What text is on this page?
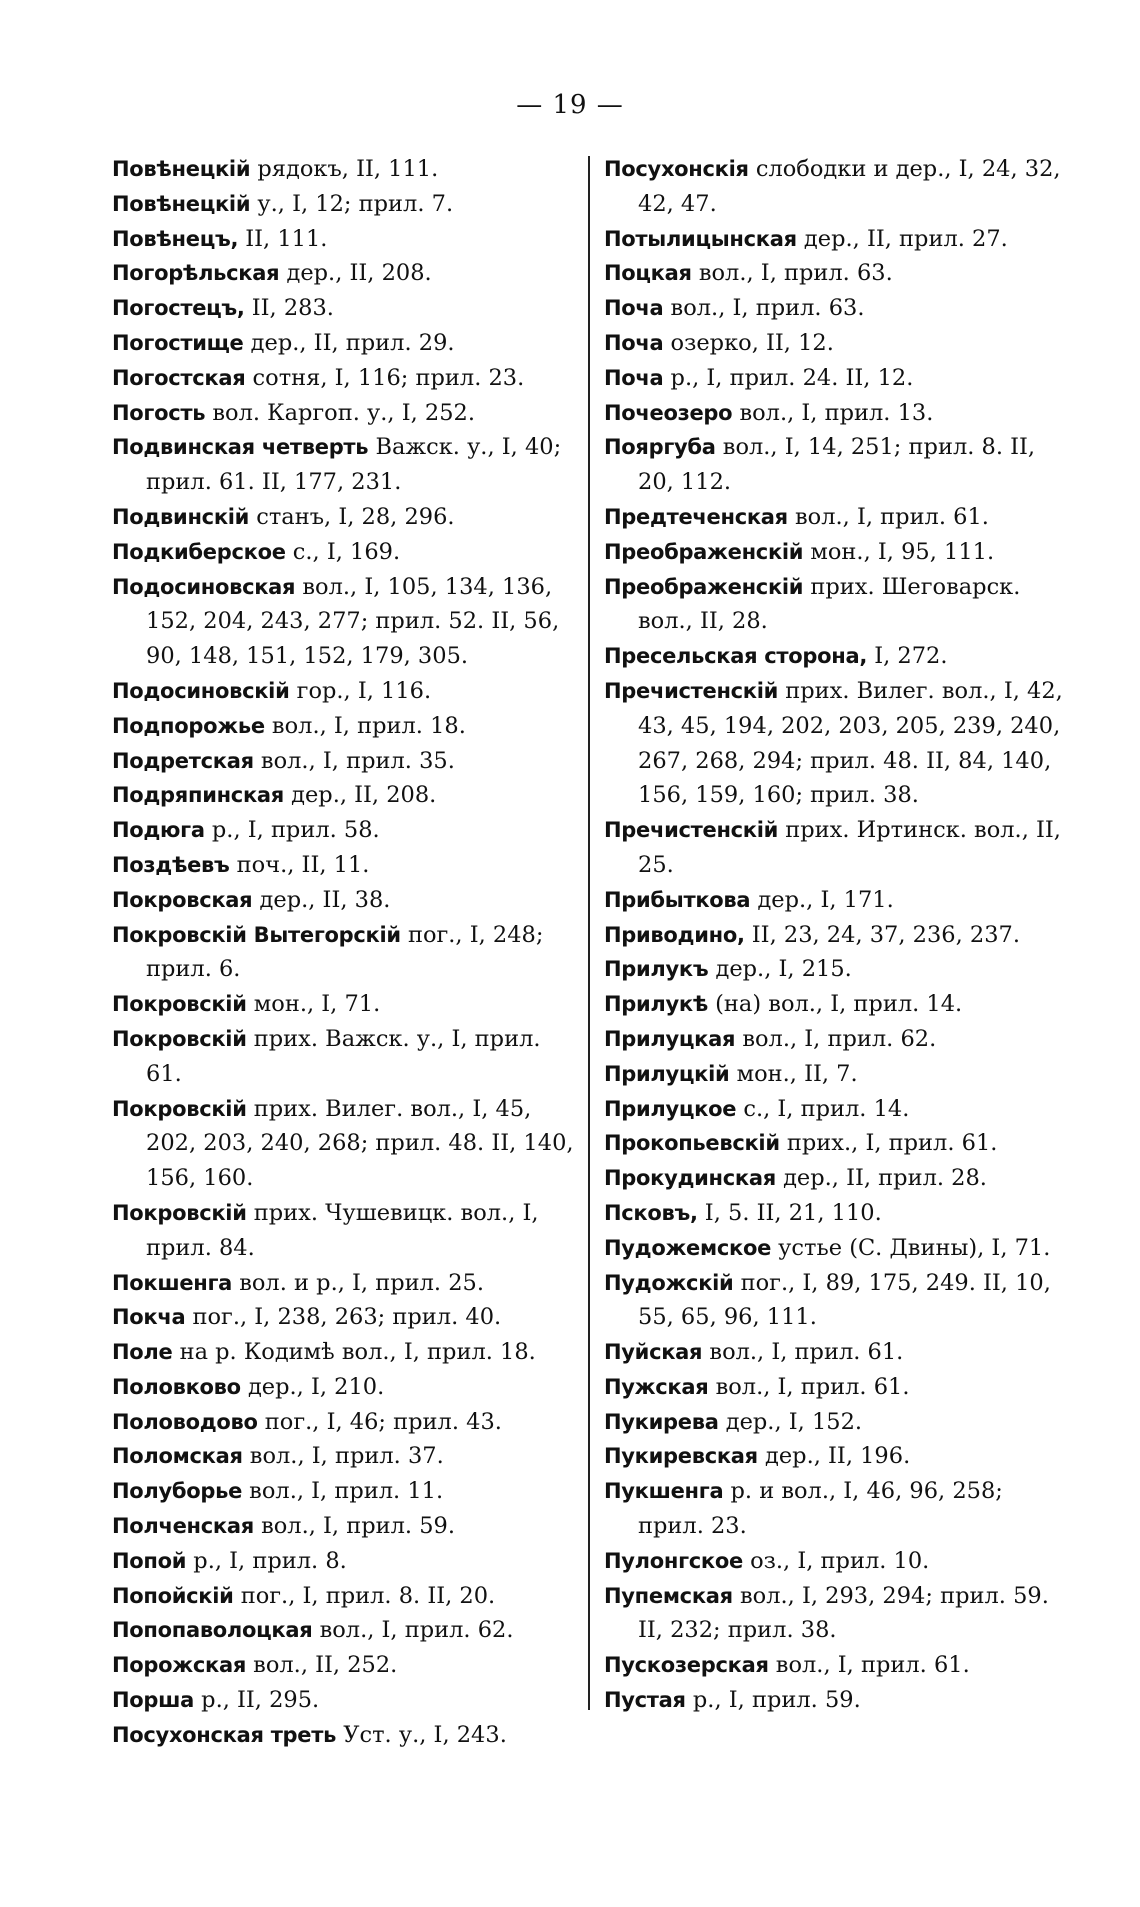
— 19 —

Повѣнецкій рядокъ, II, 111.

Повѣнецкій у., I, 12; прил. 7.

Повѣнецъ, II, 111.

Погорѣльская дер., II, 208.

Погостецъ, II, 283.

Погостище дер., II, прил. 29.

Погостская сотня, I, 116; прил. 23.

Погость вол. Каргоп. у., I, 252.

Подвинская четверть Важск. у., I, 40; прил. 61. II, 177, 231.

Подвинскій станъ, I, 28, 296.

Подкиберское с., I, 169.

Подосиновская вол., I, 105, 134, 136, 152, 204, 243, 277; прил. 52. II, 56, 90, 148, 151, 152, 179, 305.

Подосиновскій гор., I, 116.

Подпорожье вол., I, прил. 18.

Подретская вол., I, прил. 35.

Подряпинская дер., II, 208.

Подюга р., I, прил. 58.

Поздѣевъ поч., II, 11.

Покровская дер., II, 38.

Покровскій Вытегорскій пог., I, 248; прил. 6.

Покровскій мон., I, 71.

Покровскій прих. Важск. у., I, прил. 61.

Покровскій прих. Вилег. вол., I, 45, 202, 203, 240, 268; прил. 48. II, 140, 156, 160.

Покровскій прих. Чушевицк. вол., I, прил. 84.

Покшенга вол. и р., I, прил. 25.

Покча пог., I, 238, 263; прил. 40.

Поле на р. Кодимѣ вол., I, прил. 18.

Половково дер., I, 210.

Половодово пог., I, 46; прил. 43.

Поломская вол., I, прил. 37.

Полуборье вол., I, прил. 11.

Полченская вол., I, прил. 59.

Попой р., I, прил. 8.

Попойскій пог., I, прил. 8. II, 20.

Попопаволоцкая вол., I, прил. 62.

Порожская вол., II, 252.

Порша р., II, 295.

Посухонская треть Уст. у., I, 243.

Посухонскія слободки и дер., I, 24, 32, 42, 47.

Потылицынская дер., II, прил. 27.

Поцкая вол., I, прил. 63.

Поча вол., I, прил. 63.

Поча озерко, II, 12.

Поча р., I, прил. 24. II, 12.

Почеозеро вол., I, прил. 13.

Пояргуба вол., I, 14, 251; прил. 8. II, 20, 112.

Предтеченская вол., I, прил. 61.

Преображенскій мон., I, 95, 111.

Преображенскій прих. Шеговарск. вол., II, 28.

Пресельская сторона, I, 272.

Пречистенскій прих. Вилег. вол., I, 42, 43, 45, 194, 202, 203, 205, 239, 240, 267, 268, 294; прил. 48. II, 84, 140, 156, 159, 160; прил. 38.

Пречистенскій прих. Иртинск. вол., II, 25.

Прибыткова дер., I, 171.

Приводино, II, 23, 24, 37, 236, 237.

Прилукъ дер., I, 215.

Прилукѣ (на) вол., I, прил. 14.

Прилуцкая вол., I, прил. 62.

Прилуцкій мон., II, 7.

Прилуцкое с., I, прил. 14.

Прокопьевскій прих., I, прил. 61.

Прокудинская дер., II, прил. 28.

Псковъ, I, 5. II, 21, 110.

Пудожемское устье (С. Двины), I, 71.

Пудожскій пог., I, 89, 175, 249. II, 10, 55, 65, 96, 111.

Пуйская вол., I, прил. 61.

Пужская вол., I, прил. 61.

Пукирева дер., I, 152.

Пукиревская дер., II, 196.

Пукшенга р. и вол., I, 46, 96, 258; прил. 23.

Пулонгское оз., I, прил. 10.

Пупемская вол., I, 293, 294; прил. 59. II, 232; прил. 38.

Пускозерская вол., I, прил. 61.

Пустая р., I, прил. 59.
